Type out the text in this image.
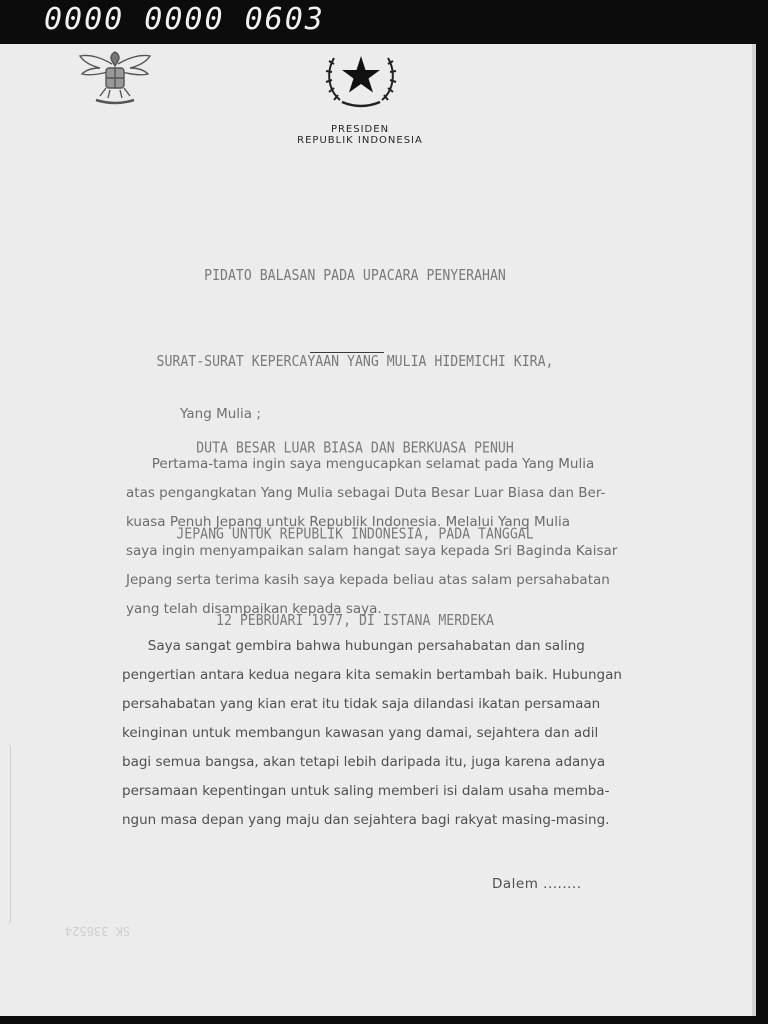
0000 0000 0603
PRESIDEN
REPUBLIK INDONESIA

PIDATO BALASAN PADA UPACARA PENYERAHAN

SURAT-SURAT KEPERCAYAAN YANG MULIA HIDEMICHI KIRA,

DUTA BESAR LUAR BIASA DAN BERKUASA PENUH

JEPANG UNTUK REPUBLIK INDONESIA, PADA TANGGAL

12 PEBRUARI 1977, DI ISTANA MERDEKA

Yang Mulia ;
Pertama-tama ingin saya mengucapkan selamat pada Yang Mulia
atas pengangkatan Yang Mulia sebagai Duta Besar Luar Biasa dan Ber-
kuasa Penuh Jepang untuk Republik Indonesia. Melalui Yang Mulia
saya ingin menyampaikan salam hangat saya kepada Sri Baginda Kaisar
Jepang serta terima kasih saya kepada beliau atas salam persahabatan
yang telah disampaikan kepada saya.
Saya sangat gembira bahwa hubungan persahabatan dan saling
pengertian antara kedua negara kita semakin bertambah baik. Hubungan
persahabatan yang kian erat itu tidak saja dilandasi ikatan persamaan
keinginan untuk membangun kawasan yang damai, sejahtera dan adil
bagi semua bangsa, akan tetapi lebih daripada itu, juga karena adanya
persamaan kepentingan untuk saling memberi isi dalam usaha memba-
ngun masa depan yang maju dan sejahtera bagi rakyat masing-masing.
Dalem ........
SK 336524
